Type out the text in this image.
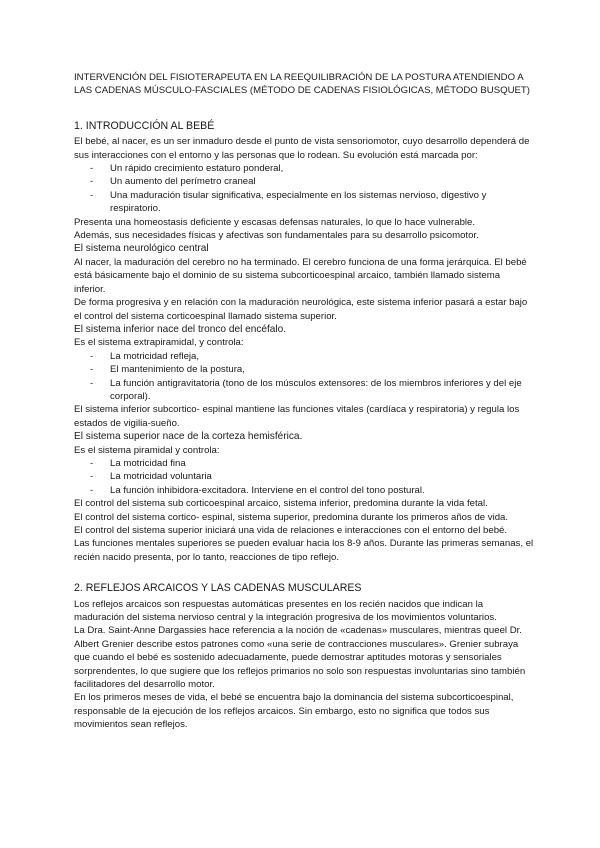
INTERVENCIÓN DEL FISIOTERAPEUTA EN LA REEQUILIBRACIÓN DE LA POSTURA ATENDIENDO A LAS CADENAS MÚSCULO-FASCIALES (MÉTODO DE CADENAS FISIOLÓGICAS, MÉTODO BUSQUET)

1. INTRODUCCIÓN AL BEBÉ

El bebé, al nacer, es un ser inmaduro desde el punto de vista sensoriomotor, cuyo desarrollo dependerá de sus interacciones con el entorno y las personas que lo rodean. Su evolución está marcada por:

- Un rápido crecimiento estaturo ponderal,
- Un aumento del perímetro craneal
- Una maduración tisular significativa, especialmente en los sistemas nervioso, digestivo y respiratorio.

Presenta una homeostasis deficiente y escasas defensas naturales, lo que lo hace vulnerable.

Además, sus necesidades físicas y afectivas son fundamentales para su desarrollo psicomotor.

El sistema neurológico central

Al nacer, la maduración del cerebro no ha terminado. El cerebro funciona de una forma jerárquica. El bebé está básicamente bajo el dominio de su sistema subcorticoespinal arcaico, también llamado sistema inferior.

De forma progresiva y en relación con la maduración neurológica, este sistema inferior pasará a estar bajo el control del sistema corticoespinal llamado sistema superior.

El sistema inferior nace del tronco del encéfalo.

Es el sistema extrapiramidal, y controla:

- La motricidad refleja,
- El mantenimiento de la postura,
- La función antigravitatoria (tono de los músculos extensores: de los miembros inferiores y del eje corporal).

El sistema inferior subcortico- espinal mantiene las funciones vitales (cardíaca y respiratoria) y regula los estados de vigilia-sueño.

El sistema superior nace de la corteza hemisférica.

Es el sistema piramidal y controla:

- La motricidad fina
- La motricidad voluntaria
- La función inhibidora-excitadora. Interviene en el control del tono postural.

El control del sistema sub corticoespinal arcaico, sistema inferior, predomina durante la vida fetal.

El control del sistema cortico- espinal, sistema superior, predomina durante los primeros años de vida.

El control del sistema superior iniciará una vida de relaciones e interacciones con el entorno del bebé.

Las funciones mentales superiores se pueden evaluar hacia los 8-9 años. Durante las primeras semanas, el recién nacido presenta, por lo tanto, reacciones de tipo reflejo.

2. REFLEJOS ARCAICOS Y LAS CADENAS MUSCULARES

Los reflejos arcaicos son respuestas automáticas presentes en los recién nacidos que indican la maduración del sistema nervioso central y la integración progresiva de los movimientos voluntarios.

La Dra. Saint-Anne Dargassies hace referencia a la noción de «cadenas» musculares, mientras queel Dr. Albert Grenier describe estos patrones como «una serie de contracciones musculares». Grenier subraya que cuando el bebé es sostenido adecuadamente, puede demostrar aptitudes motoras y sensoriales sorprendentes, lo que sugiere que los reflejos primarios no solo son respuestas involuntarias sino también facilitadores del desarrollo motor.

En los primeros meses de vida, el bebé se encuentra bajo la dominancia del sistema subcorticoespinal, responsable de la ejecución de los reflejos arcaicos. Sin embargo, esto no significa que todos sus movimientos sean reflejos.
